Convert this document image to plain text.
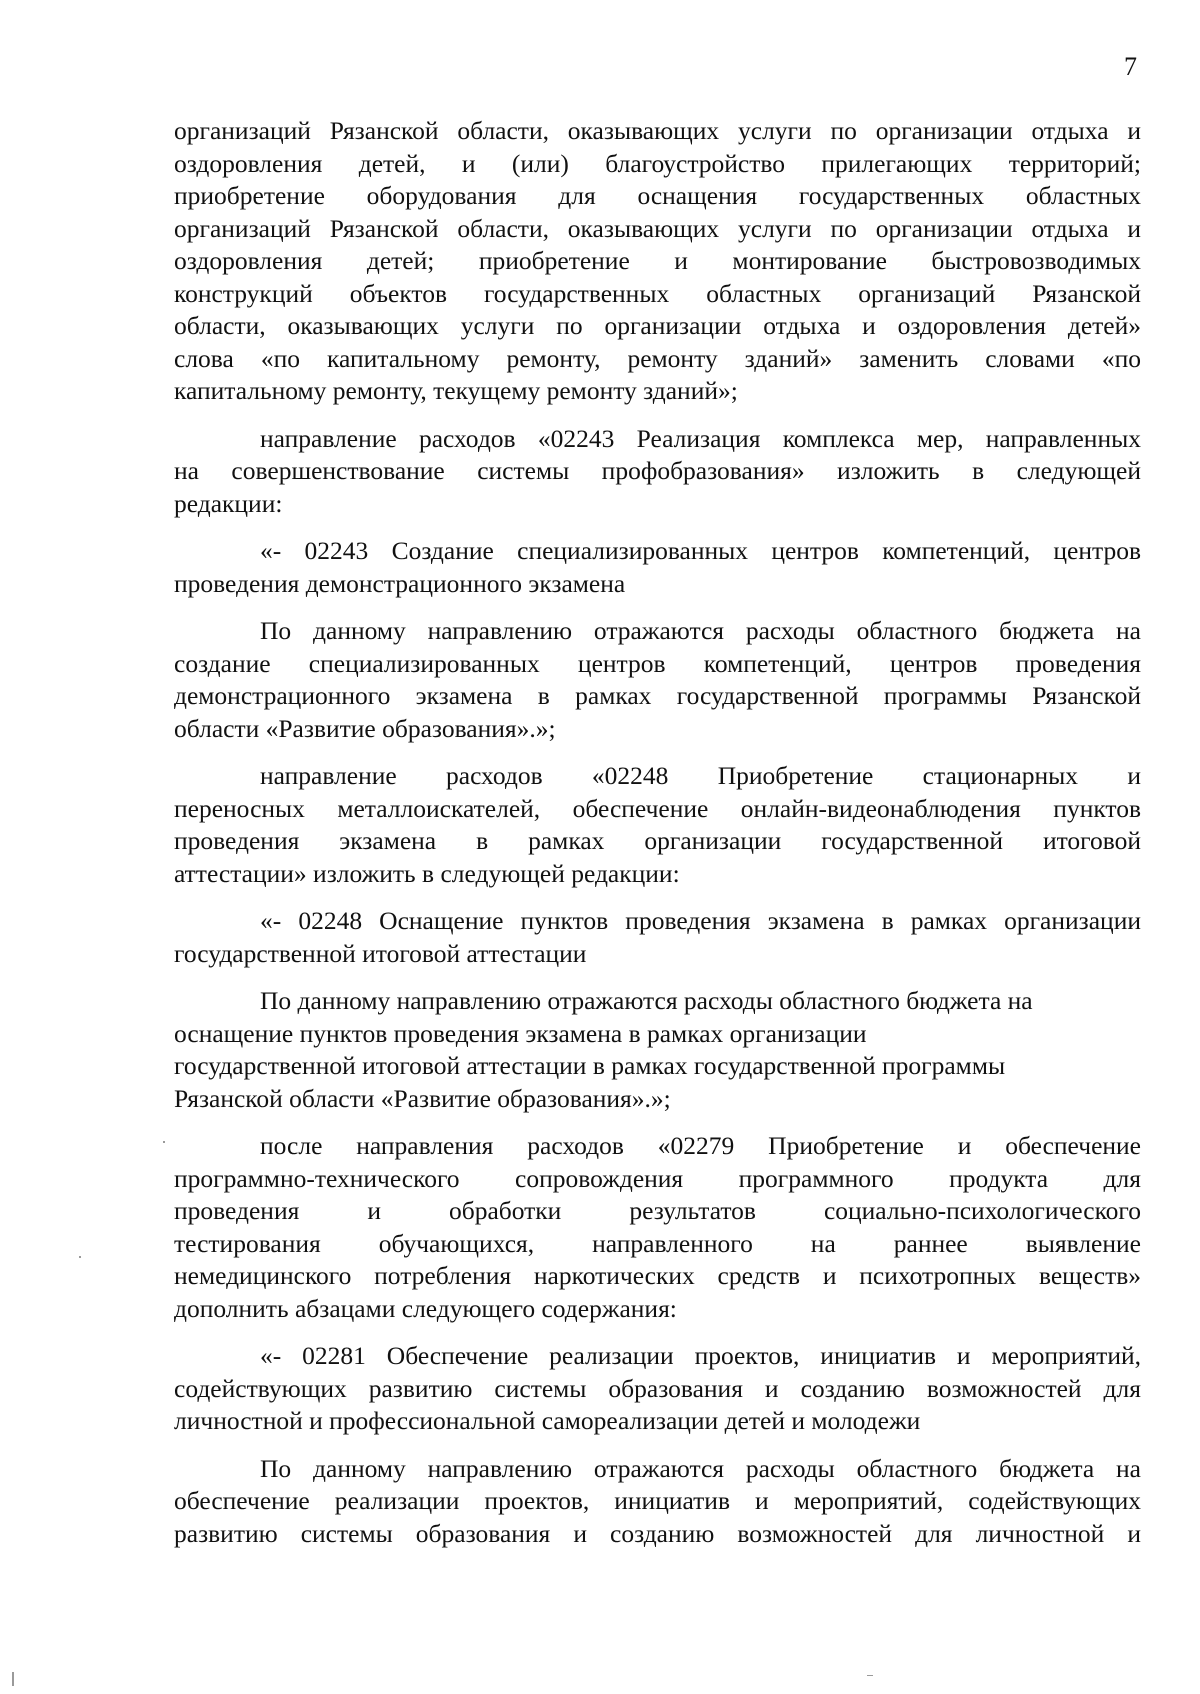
7

организаций Рязанской области, оказывающих услуги по организации отдыха и
оздоровления детей, и (или) благоустройство прилегающих территорий;
приобретение оборудования для оснащения государственных областных
организаций Рязанской области, оказывающих услуги по организации отдыха и
оздоровления детей; приобретение и монтирование быстровозводимых
конструкций объектов государственных областных организаций Рязанской
области, оказывающих услуги по организации отдыха и оздоровления детей»
слова «по капитальному ремонту, ремонту зданий» заменить словами «по
капитальному ремонту, текущему ремонту зданий»;

направление расходов «02243 Реализация комплекса мер, направленных
на совершенствование системы профобразования» изложить в следующей
редакции:

«- 02243 Создание специализированных центров компетенций, центров
проведения демонстрационного экзамена

По данному направлению отражаются расходы областного бюджета на
создание специализированных центров компетенций, центров проведения
демонстрационного экзамена в рамках государственной программы Рязанской
области «Развитие образования».»;

направление расходов «02248 Приобретение стационарных и
переносных металлоискателей, обеспечение онлайн-видеонаблюдения пунктов
проведения экзамена в рамках организации государственной итоговой
аттестации» изложить в следующей редакции:

«- 02248 Оснащение пунктов проведения экзамена в рамках организации
государственной итоговой аттестации

По данному направлению отражаются расходы областного бюджета на
оснащение пунктов проведения экзамена в рамках организации
государственной итоговой аттестации в рамках государственной программы
Рязанской области «Развитие образования».»;

после направления расходов «02279 Приобретение и обеспечение
программно-технического сопровождения программного продукта для
проведения и обработки результатов социально-психологического
тестирования обучающихся, направленного на раннее выявление
немедицинского потребления наркотических средств и психотропных веществ»
дополнить абзацами следующего содержания:

«- 02281 Обеспечение реализации проектов, инициатив и мероприятий,
содействующих развитию системы образования и созданию возможностей для
личностной и профессиональной самореализации детей и молодежи

По данному направлению отражаются расходы областного бюджета на
обеспечение реализации проектов, инициатив и мероприятий, содействующих
развитию системы образования и созданию возможностей для личностной и
